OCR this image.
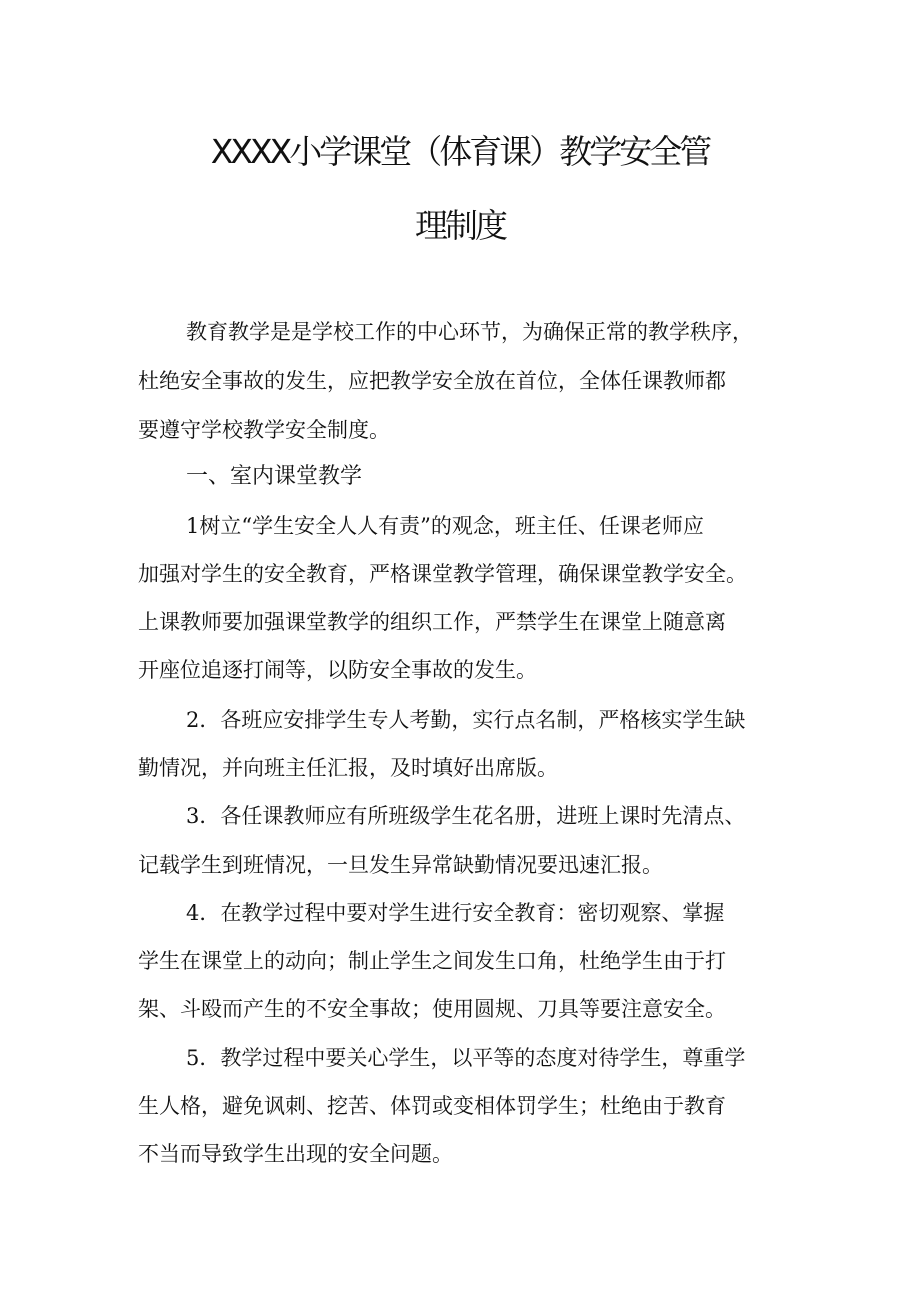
XXXX小学课堂（体育课）教学安全管
理制度
教育教学是是学校工作的中心环节，为确保正常的教学秩序，
杜绝安全事故的发生，应把教学安全放在首位，全体任课教师都
要遵守学校教学安全制度。
一、室内课堂教学
1树立“学生安全人人有责”的观念，班主任、任课老师应
加强对学生的安全教育，严格课堂教学管理，确保课堂教学安全。
上课教师要加强课堂教学的组织工作，严禁学生在课堂上随意离
开座位追逐打闹等，以防安全事故的发生。
2．各班应安排学生专人考勤，实行点名制，严格核实学生缺
勤情况，并向班主任汇报，及时填好出席版。
3．各任课教师应有所班级学生花名册，进班上课时先清点、
记载学生到班情况，一旦发生异常缺勤情况要迅速汇报。
4．在教学过程中要对学生进行安全教育：密切观察、掌握
学生在课堂上的动向；制止学生之间发生口角，杜绝学生由于打
架、斗殴而产生的不安全事故；使用圆规、刀具等要注意安全。
5．教学过程中要关心学生，以平等的态度对待学生，尊重学
生人格，避免讽刺、挖苦、体罚或变相体罚学生；杜绝由于教育
不当而导致学生出现的安全问题。
